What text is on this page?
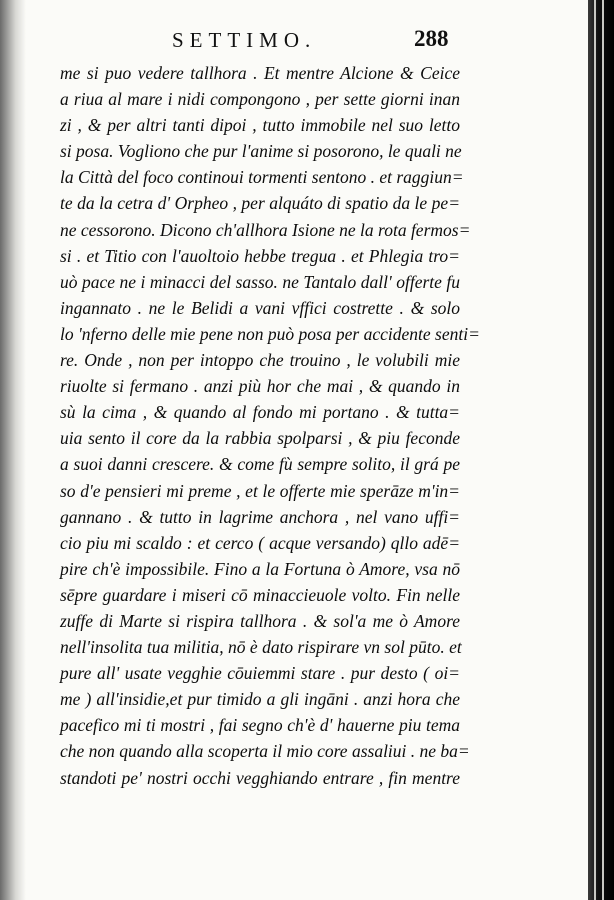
SETTIMO.	288
me si puo vedere tallhora . Et mentre Alcione & Ceice
a riua al mare i nidi compongono , per sette giorni inan
zi , & per altri tanti dipoi , tutto immobile nel suo letto
si posa. Vogliono che pur l'anime si posorono, le quali ne
la Città del foco continoui tormenti sentono . et raggiun=
te da la cetra d' Orpheo , per alquáto di spatio da le pe=
ne cessorono. Dicono ch'allhora Isione ne la rota fermos=
si . et Titio con l'auoltoio hebbe tregua . et Phlegia tro=
uò pace ne i minacci del sasso. ne Tantalo dall' offerte fu
ingannato . ne le Belidi a vani vffici costrette . & solo
lo 'nferno delle mie pene non può posa per accidente senti=
re. Onde , non per intoppo che trouino , le volubili mie
riuolte si fermano . anzi più hor che mai , & quando in
sù la cima , & quando al fondo mi portano . & tutta=
uia sento il core da la rabbia spolparsi , & piu feconde
a suoi danni crescere. & come fù sempre solito, il grá pe
so d'e pensieri mi preme , et le offerte mie sperāze m'in=
gannano . & tutto in lagrime anchora , nel vano uffi=
cio piu mi scaldo : et cerco ( acque versando) qllo adē=
pire ch'è impossibile. Fino a la Fortuna ò Amore, vsa nō
sēpre guardare i miseri cō minaccieuole volto. Fin nelle
zuffe di Marte si rispira tallhora . & sol'a me ò Amore
nell'insolita tua militia, nō è dato rispirare vn sol pūto. et
pure all' usate vegghie cōuiemmi stare . pur desto ( oi=
me ) all'insidie,et pur timido a gli ingāni . anzi hora che
pacefico mi ti mostri , fai segno ch'è d' hauerne piu tema
che non quando alla scoperta il mio core assaliui . ne ba=
standoti pe' nostri occhi vegghiando entrare , fin mentre
